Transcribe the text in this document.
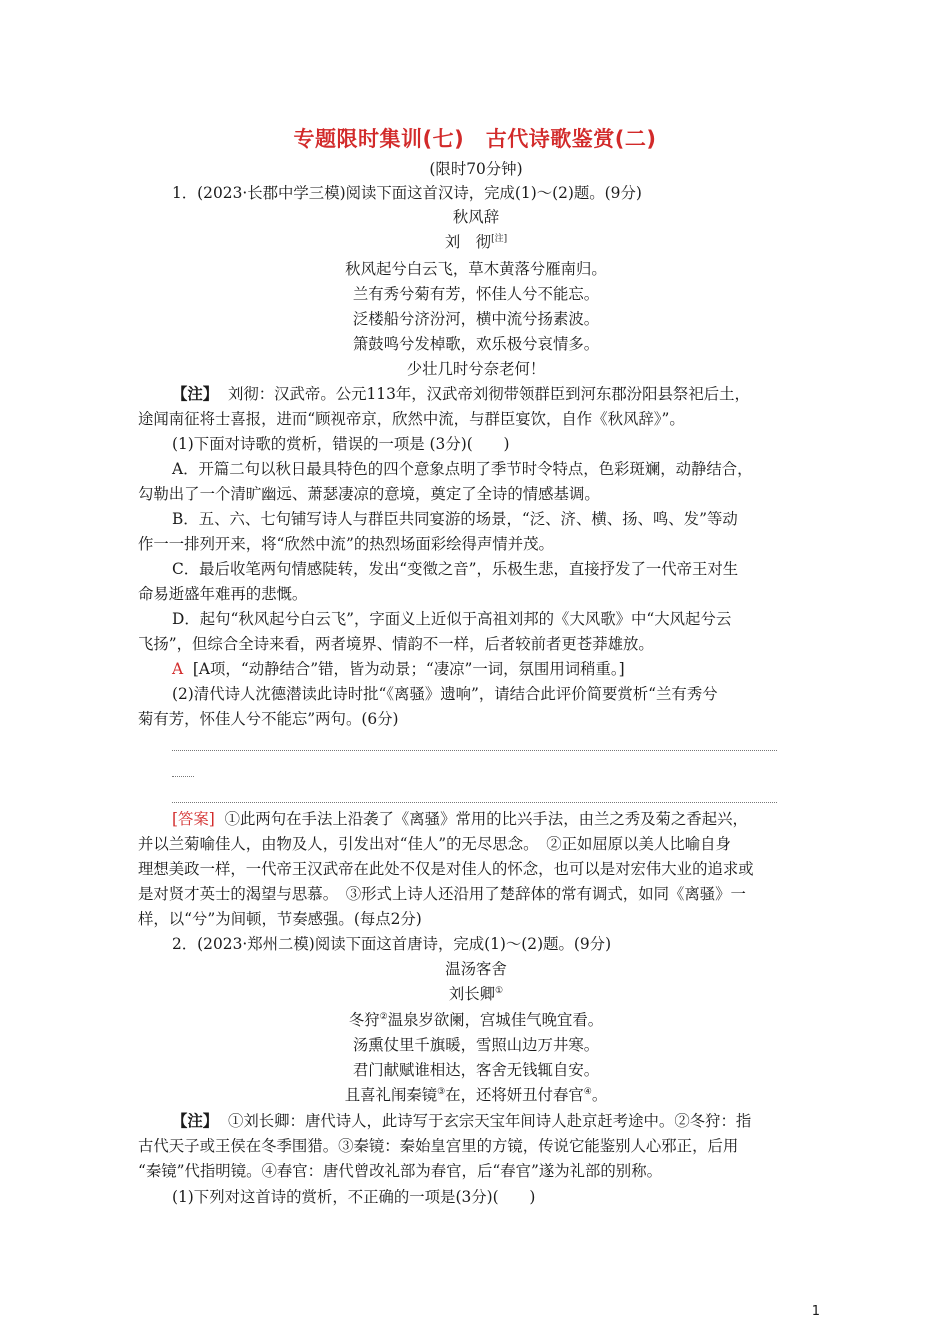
专题限时集训(七)　古代诗歌鉴赏(二)
(限时70分钟)
1．(2023·长郡中学三模)阅读下面这首汉诗，完成(1)～(2)题。(9分)
秋风辞
刘　彻[注]
秋风起兮白云飞，草木黄落兮雁南归。
兰有秀兮菊有芳，怀佳人兮不能忘。
泛楼船兮济汾河，横中流兮扬素波。
箫鼓鸣兮发棹歌，欢乐极兮哀情多。
少壮几时兮奈老何！
【注】 刘彻：汉武帝。公元113年，汉武帝刘彻带领群臣到河东郡汾阳县祭祀后土，
途闻南征将士喜报，进而“顾视帝京，欣然中流，与群臣宴饮，自作《秋风辞》”。
(1)下面对诗歌的赏析，错误的一项是 (3分)(　　)
A．开篇二句以秋日最具特色的四个意象点明了季节时令特点，色彩斑斓，动静结合，
勾勒出了一个清旷幽远、萧瑟凄凉的意境，奠定了全诗的情感基调。
B．五、六、七句铺写诗人与群臣共同宴游的场景，“泛、济、横、扬、鸣、发”等动
作一一排列开来，将“欣然中流”的热烈场面彩绘得声情并茂。
C．最后收笔两句情感陡转，发出“变徵之音”，乐极生悲，直接抒发了一代帝王对生
命易逝盛年难再的悲慨。
D．起句“秋风起兮白云飞”，字面义上近似于高祖刘邦的《大风歌》中“大风起兮云
飞扬”，但综合全诗来看，两者境界、情韵不一样，后者较前者更苍莽雄放。
A [A项，“动静结合”错，皆为动景；“凄凉”一词，氛围用词稍重。]
(2)清代诗人沈德潜读此诗时批“《离骚》遗响”，请结合此评价简要赏析“兰有秀兮
菊有芳，怀佳人兮不能忘”两句。(6分)
[答案] ①此两句在手法上沿袭了《离骚》常用的比兴手法，由兰之秀及菊之香起兴，
并以兰菊喻佳人，由物及人，引发出对“佳人”的无尽思念。　②正如屈原以美人比喻自身
理想美政一样，一代帝王汉武帝在此处不仅是对佳人的怀念，也可以是对宏伟大业的追求或
是对贤才英士的渴望与思慕。　③形式上诗人还沿用了楚辞体的常有调式，如同《离骚》一
样，以“兮”为间顿，节奏感强。(每点2分)
2．(2023·郑州二模)阅读下面这首唐诗，完成(1)～(2)题。(9分)
温汤客舍
刘长卿①
冬狩②温泉岁欲阑，宫城佳气晚宜看。
汤熏仗里千旗暖，雪照山边万井寒。
君门献赋谁相达，客舍无钱辄自安。
且喜礼闱秦镜③在，还将妍丑付春官④。
【注】 ①刘长卿：唐代诗人，此诗写于玄宗天宝年间诗人赴京赶考途中。②冬狩：指
古代天子或王侯在冬季围猎。③秦镜：秦始皇宫里的方镜，传说它能鉴别人心邪正，后用
“秦镜”代指明镜。④春官：唐代曾改礼部为春官，后“春官”遂为礼部的别称。
(1)下列对这首诗的赏析，不正确的一项是(3分)(　　)
1
